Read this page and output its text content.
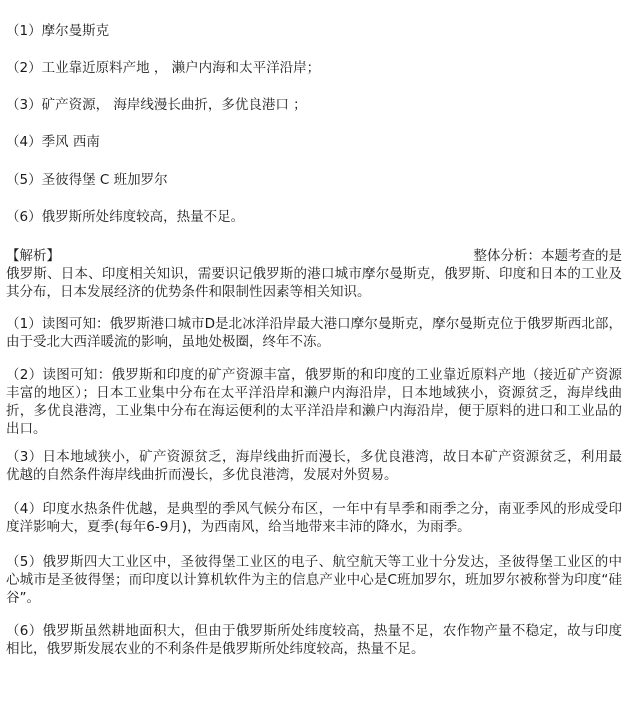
（1）摩尔曼斯克
（2）工业靠近原料产地 ， 濑户内海和太平洋沿岸；
（3）矿产资源， 海岸线漫长曲折，多优良港口 ；
（4）季风 西南
（5）圣彼得堡 C 班加罗尔
（6）俄罗斯所处纬度较高，热量不足。
【解析】	整体分析：本题考查的是
俄罗斯、日本、印度相关知识，需要识记俄罗斯的港口城市摩尔曼斯克，俄罗斯、印度和日本的工业及其分布，日本发展经济的优势条件和限制性因素等相关知识。
（1）读图可知：俄罗斯港口城市D是北冰洋沿岸最大港口摩尔曼斯克，摩尔曼斯克位于俄罗斯西北部，由于受北大西洋暖流的影响，虽地处极圈，终年不冻。
（2）读图可知：俄罗斯和印度的矿产资源丰富，俄罗斯的和印度的工业靠近原料产地（接近矿产资源丰富的地区）；日本工业集中分布在太平洋沿岸和濑户内海沿岸，日本地域狭小，资源贫乏，海岸线曲折，多优良港湾，工业集中分布在海运便利的太平洋沿岸和濑户内海沿岸，便于原料的进口和工业品的出口。
（3）日本地域狭小，矿产资源贫乏，海岸线曲折而漫长，多优良港湾，故日本矿产资源贫乏，利用最优越的自然条件海岸线曲折而漫长，多优良港湾，发展对外贸易。
（4）印度水热条件优越，是典型的季风气候分布区，一年中有旱季和雨季之分，南亚季风的形成受印度洋影响大，夏季(每年6-9月)，为西南风，给当地带来丰沛的降水，为雨季。
（5）俄罗斯四大工业区中，圣彼得堡工业区的电子、航空航天等工业十分发达，圣彼得堡工业区的中心城市是圣彼得堡；而印度以计算机软件为主的信息产业中心是C班加罗尔，班加罗尔被称誉为印度“硅谷”。
（6）俄罗斯虽然耕地面积大，但由于俄罗斯所处纬度较高，热量不足，农作物产量不稳定，故与印度相比，俄罗斯发展农业的不利条件是俄罗斯所处纬度较高，热量不足。
